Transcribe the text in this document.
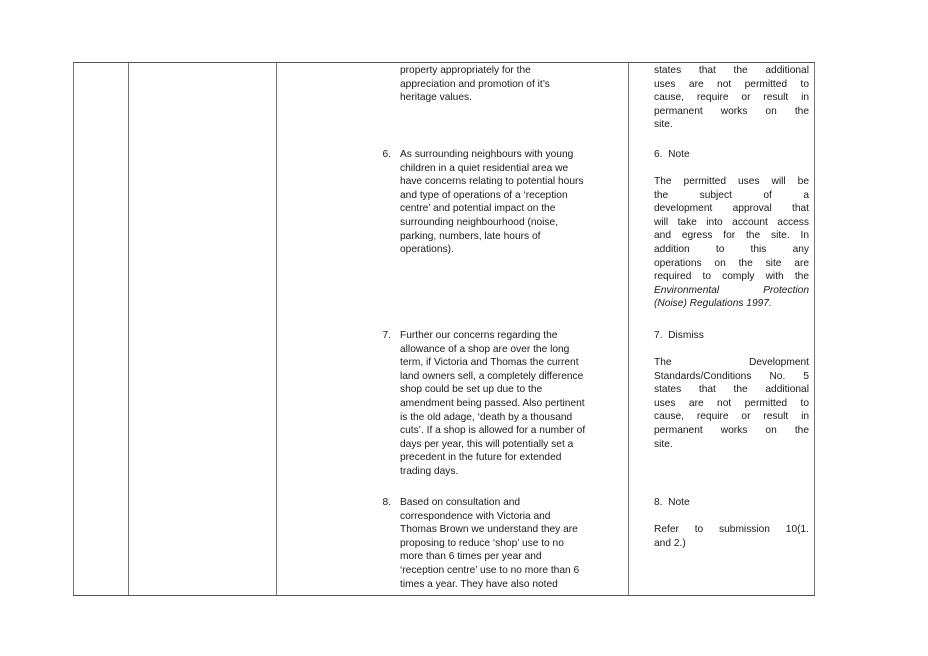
property appropriately for the
appreciation and promotion of it’s
heritage values.
states that the additional
uses are not permitted to
cause, require or result in
permanent works on the
site.
6. As surrounding neighbours with young
children in a quiet residential area we
have concerns relating to potential hours
and type of operations of a ‘reception
centre’ and potential impact on the
surrounding neighbourhood (noise,
parking, numbers, late hours of
operations).
6.  Note
The permitted uses will be
the subject of a
development approval that
will take into account access
and egress for the site. In
addition to this any
operations on the site are
required to comply with the
Environmental Protection
(Noise) Regulations 1997.
7. Further our concerns regarding the
allowance of a shop are over the long
term, if Victoria and Thomas the current
land owners sell, a completely difference
shop could be set up due to the
amendment being passed. Also pertinent
is the old adage, ‘death by a thousand
cuts’. If a shop is allowed for a number of
days per year, this will potentially set a
precedent in the future for extended
trading days.
7.  Dismiss
The Development
Standards/Conditions No. 5
states that the additional
uses are not permitted to
cause, require or result in
permanent works on the
site.
8. Based on consultation and
correspondence with Victoria and
Thomas Brown we understand they are
proposing to reduce ‘shop’ use to no
more than 6 times per year and
‘reception centre’ use to no more than 6
times a year. They have also noted
8.  Note
Refer to submission 10(1.
and 2.)
